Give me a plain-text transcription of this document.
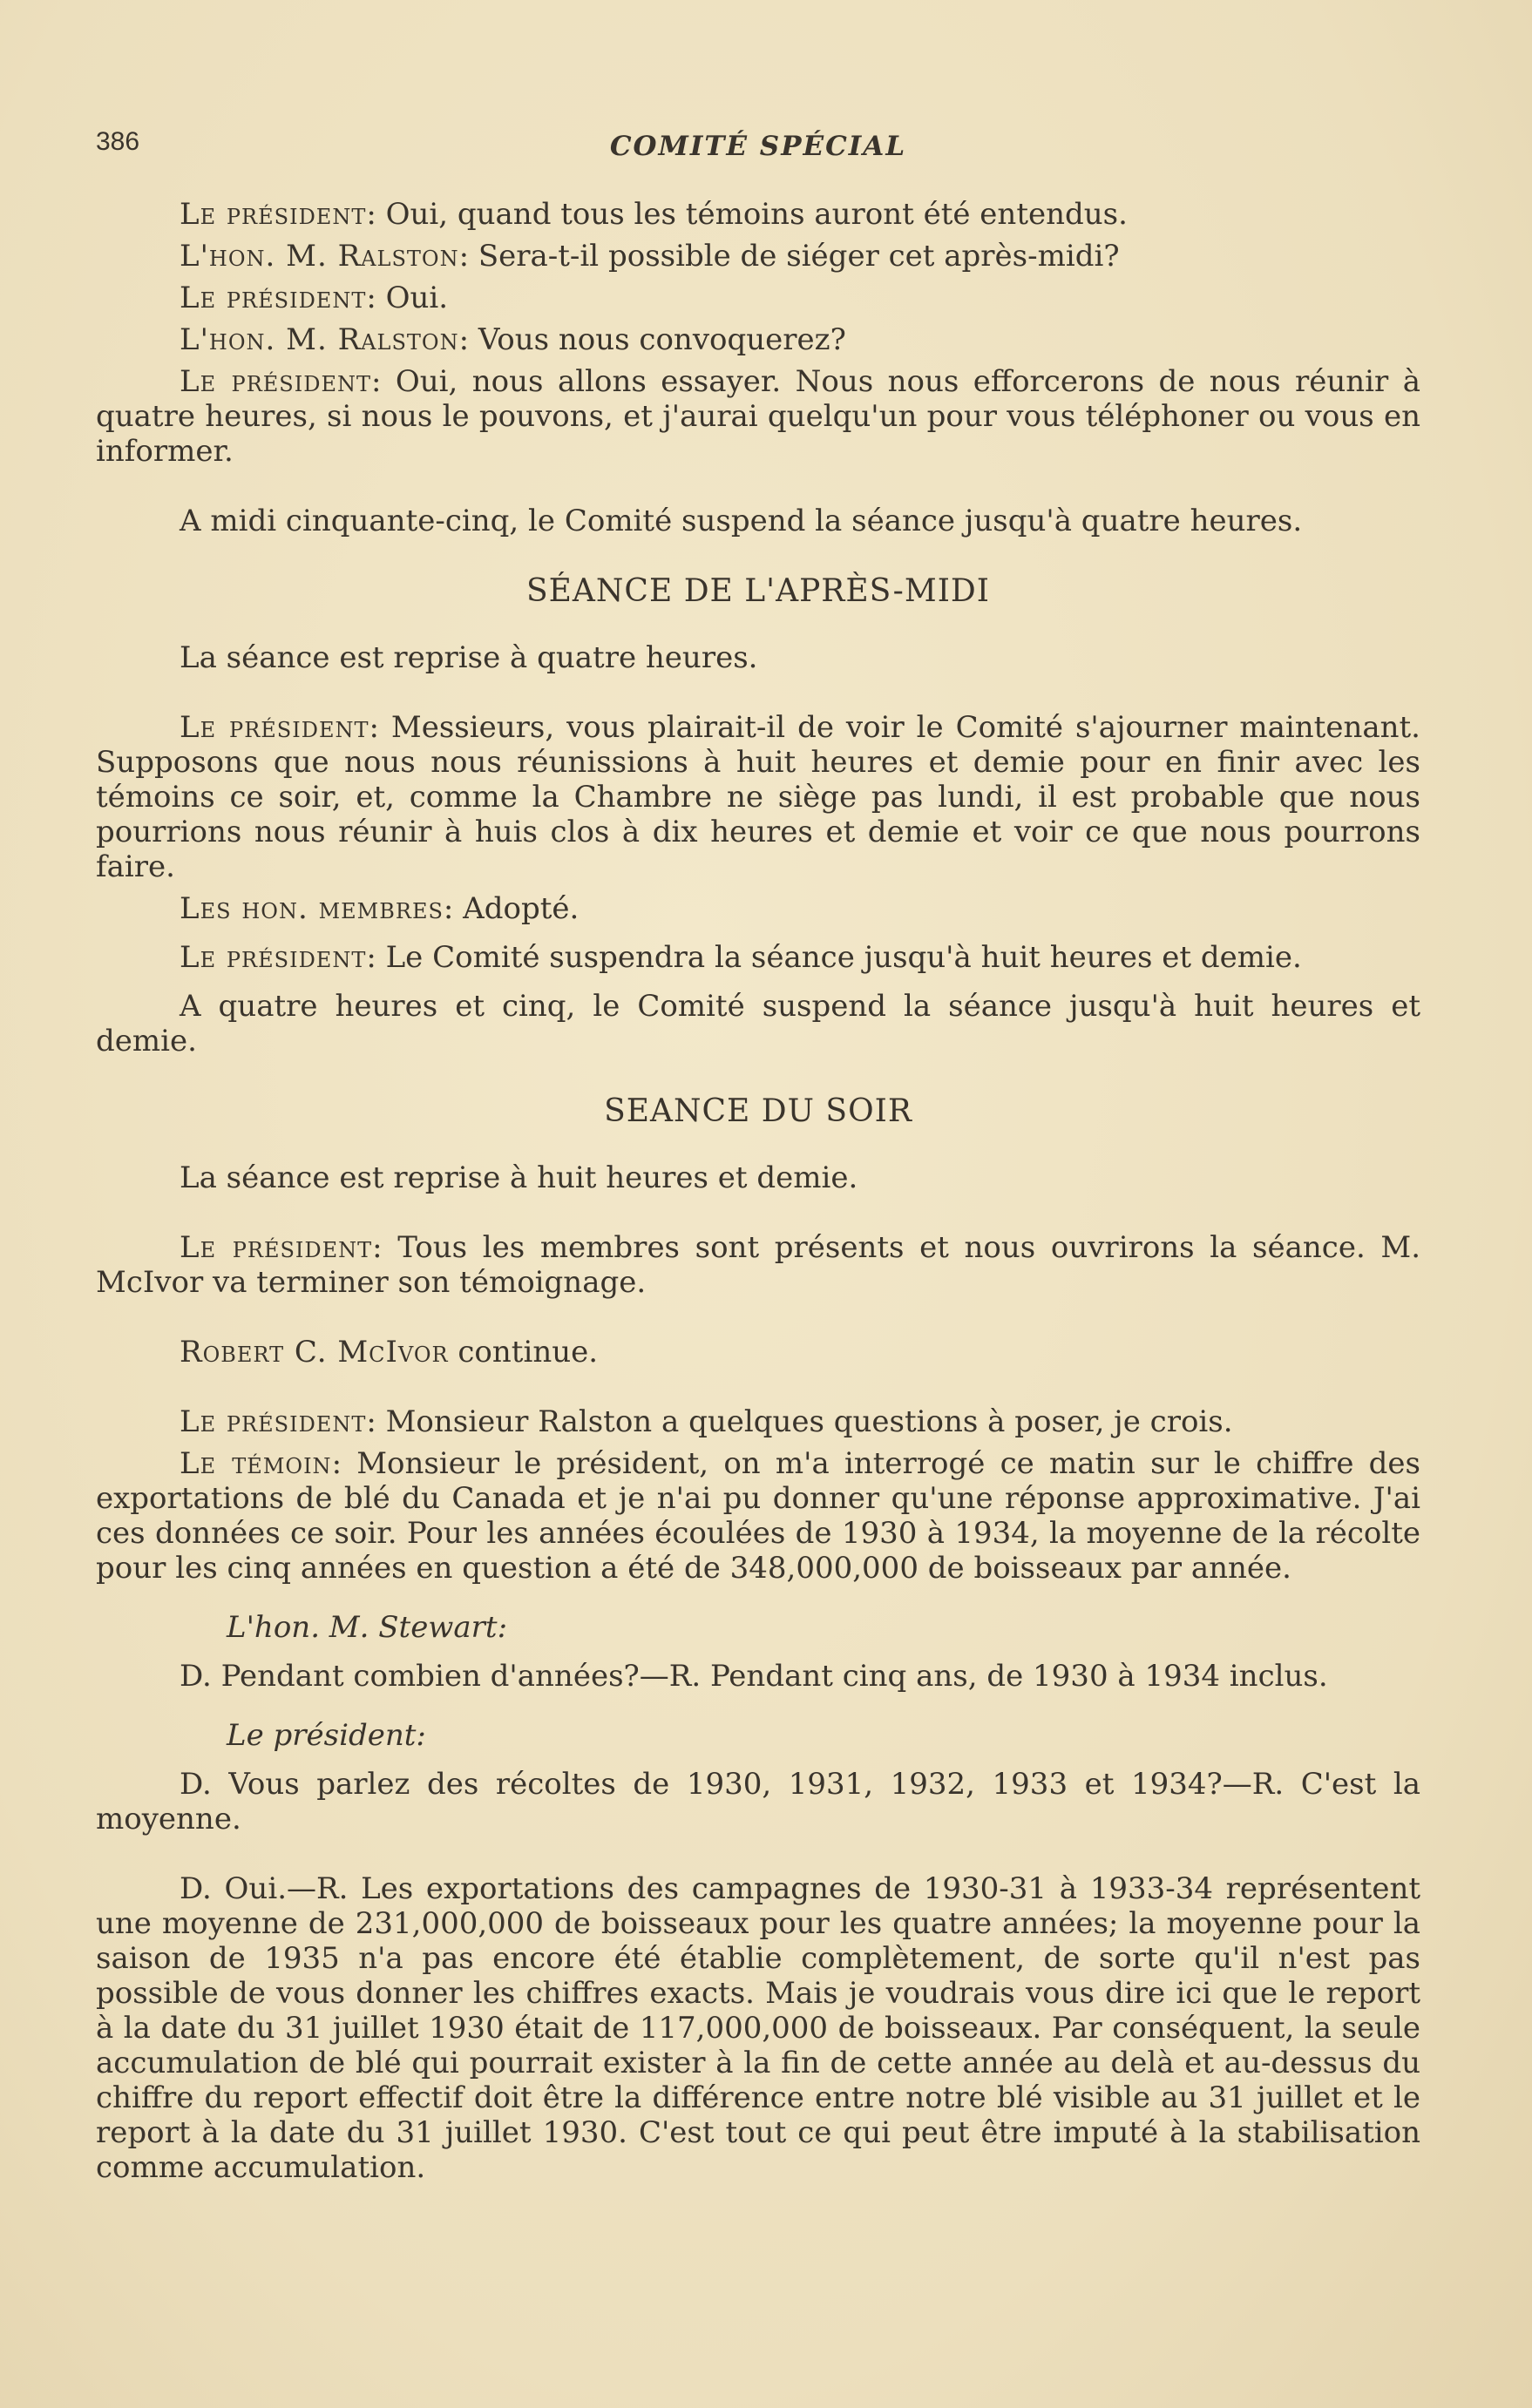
386	COMITÉ SPÉCIAL

Le président: Oui, quand tous les témoins auront été entendus.

L'hon. M. Ralston: Sera-t-il possible de siéger cet après-midi?

Le président: Oui.

L'hon. M. Ralston: Vous nous convoquerez?

Le président: Oui, nous allons essayer. Nous nous efforcerons de nous réunir à quatre heures, si nous le pouvons, et j'aurai quelqu'un pour vous téléphoner ou vous en informer.

A midi cinquante-cinq, le Comité suspend la séance jusqu'à quatre heures.

SÉANCE DE L'APRÈS-MIDI

La séance est reprise à quatre heures.

Le président: Messieurs, vous plairait-il de voir le Comité s'ajourner maintenant. Supposons que nous nous réunissions à huit heures et demie pour en finir avec les témoins ce soir, et, comme la Chambre ne siège pas lundi, il est probable que nous pourrions nous réunir à huis clos à dix heures et demie et voir ce que nous pourrons faire.

Les hon. membres: Adopté.

Le président: Le Comité suspendra la séance jusqu'à huit heures et demie.

A quatre heures et cinq, le Comité suspend la séance jusqu'à huit heures et demie.

SEANCE DU SOIR

La séance est reprise à huit heures et demie.

Le président: Tous les membres sont présents et nous ouvrirons la séance. M. McIvor va terminer son témoignage.

Robert C. McIvor continue.

Le président: Monsieur Ralston a quelques questions à poser, je crois.

Le témoin: Monsieur le président, on m'a interrogé ce matin sur le chiffre des exportations de blé du Canada et je n'ai pu donner qu'une réponse approximative. J'ai ces données ce soir. Pour les années écoulées de 1930 à 1934, la moyenne de la récolte pour les cinq années en question a été de 348,000,000 de boisseaux par année.

L'hon. M. Stewart:

D. Pendant combien d'années?—R. Pendant cinq ans, de 1930 à 1934 inclus.

Le président:

D. Vous parlez des récoltes de 1930, 1931, 1932, 1933 et 1934?—R. C'est la moyenne.

D. Oui.—R. Les exportations des campagnes de 1930-31 à 1933-34 représentent une moyenne de 231,000,000 de boisseaux pour les quatre années; la moyenne pour la saison de 1935 n'a pas encore été établie complètement, de sorte qu'il n'est pas possible de vous donner les chiffres exacts. Mais je voudrais vous dire ici que le report à la date du 31 juillet 1930 était de 117,000,000 de boisseaux. Par conséquent, la seule accumulation de blé qui pourrait exister à la fin de cette année au delà et au-dessus du chiffre du report effectif doit être la différence entre notre blé visible au 31 juillet et le report à la date du 31 juillet 1930. C'est tout ce qui peut être imputé à la stabilisation comme accumulation.
